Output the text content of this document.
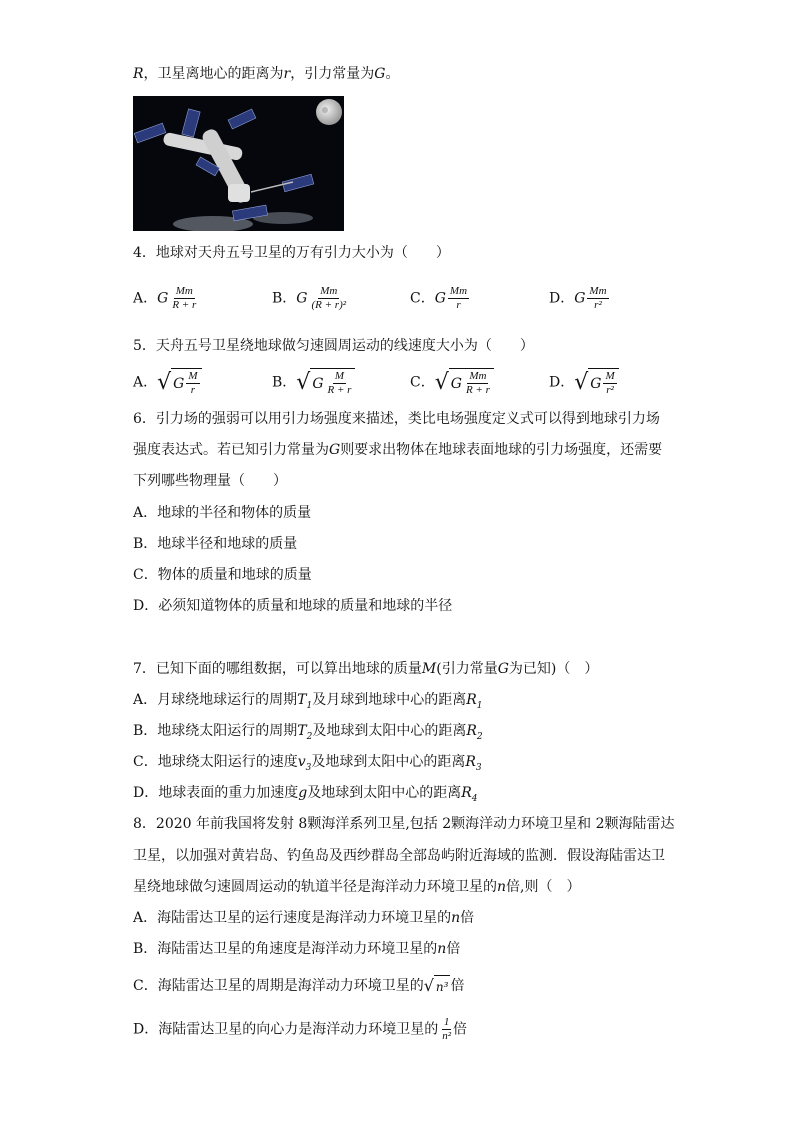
R，卫星离地心的距离为r，引力常量为G。
4．地球对天舟五号卫星的万有引力大小为（　　）
A．G $\frac{Mm}{R + r}$	B．G $\frac{Mm}{\text{(R + r)²}}$	C．G $\frac{Mm}{r}$	D．G $\frac{Mm}{\text{r²}}$
5．天舟五号卫星绕地球做匀速圆周运动的线速度大小为（　　）
A． √ G $\frac{M}{r}$	B． √ G $\frac{M}{R + r}$	C． √ G $\frac{Mm}{R + r}$	D． √ G $\frac{M}{\text{r²}}$
6．引力场的强弱可以用引力场强度来描述，类比电场强度定义式可以得到地球引力场
强度表达式。若已知引力常量为G则要求出物体在地球表面地球的引力场强度，还需要
下列哪些物理量（　　）
A．地球的半径和物体的质量
B．地球半径和地球的质量
C．物体的质量和地球的质量
D．必须知道物体的质量和地球的质量和地球的半径
7．已知下面的哪组数据，可以算出地球的质量M(引力常量G为已知)（　）
A．月球绕地球运行的周期$T_1$及月球到地球中心的距离$R_1$
B．地球绕太阳运行的周期$T_2$及地球到太阳中心的距离$R_2$
C．地球绕太阳运行的速度$v_3$及地球到太阳中心的距离$R_3$
D．地球表面的重力加速度g及地球到太阳中心的距离$R_4$
8．2020 年前我国将发射 8颗海洋系列卫星,包括 2颗海洋动力环境卫星和 2颗海陆雷达
卫星，以加强对黄岩岛、钓鱼岛及西纱群岛全部岛屿附近海域的监测．假设海陆雷达卫
星绕地球做匀速圆周运动的轨道半径是海洋动力环境卫星的n倍,则（　）
A．海陆雷达卫星的运行速度是海洋动力环境卫星的n倍
B．海陆雷达卫星的角速度是海洋动力环境卫星的n倍
C．海陆雷达卫星的周期是海洋动力环境卫星的 √ n³ 倍
D．海陆雷达卫星的向心力是海洋动力环境卫星的 $\frac{1}{\text{n²}}$ 倍
